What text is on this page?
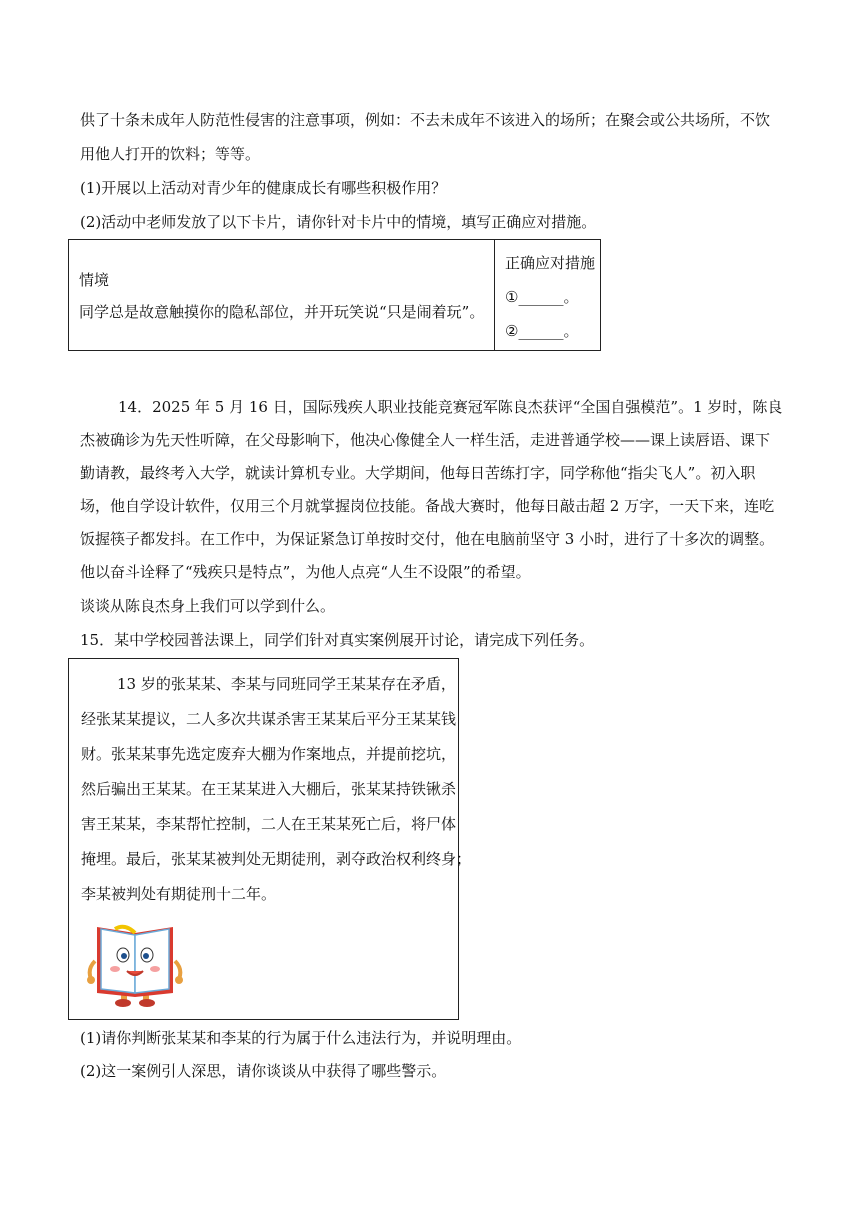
供了十条未成年人防范性侵害的注意事项，例如：不去未成年不该进入的场所；在聚会或公共场所，不饮
用他人打开的饮料；等等。
(1)开展以上活动对青少年的健康成长有哪些积极作用？
(2)活动中老师发放了以下卡片，请你针对卡片中的情境，填写正确应对措施。
情境
同学总是故意触摸你的隐私部位，并开玩笑说“只是闹着玩”。
正确应对措施
①______。
②______。
14．2025 年 5 月 16 日，国际残疾人职业技能竞赛冠军陈良杰获评“全国自强模范”。1 岁时，陈良
杰被确诊为先天性听障，在父母影响下，他决心像健全人一样生活，走进普通学校——课上读唇语、课下
勤请教，最终考入大学，就读计算机专业。大学期间，他每日苦练打字，同学称他“指尖飞人”。初入职
场，他自学设计软件，仅用三个月就掌握岗位技能。备战大赛时，他每日敲击超 2 万字，一天下来，连吃
饭握筷子都发抖。在工作中，为保证紧急订单按时交付，他在电脑前坚守 3 小时，进行了十多次的调整。
他以奋斗诠释了“残疾只是特点”，为他人点亮“人生不设限”的希望。
谈谈从陈良杰身上我们可以学到什么。
15．某中学校园普法课上，同学们针对真实案例展开讨论，请完成下列任务。
13 岁的张某某、李某与同班同学王某某存在矛盾，
经张某某提议，二人多次共谋杀害王某某后平分王某某钱
财。张某某事先选定废弃大棚为作案地点，并提前挖坑，
然后骗出王某某。在王某某进入大棚后，张某某持铁锹杀
害王某某，李某帮忙控制，二人在王某某死亡后，将尸体
掩埋。最后，张某某被判处无期徒刑，剥夺政治权利终身；
李某被判处有期徒刑十二年。
(1)请你判断张某某和李某的行为属于什么违法行为，并说明理由。
(2)这一案例引人深思，请你谈谈从中获得了哪些警示。
